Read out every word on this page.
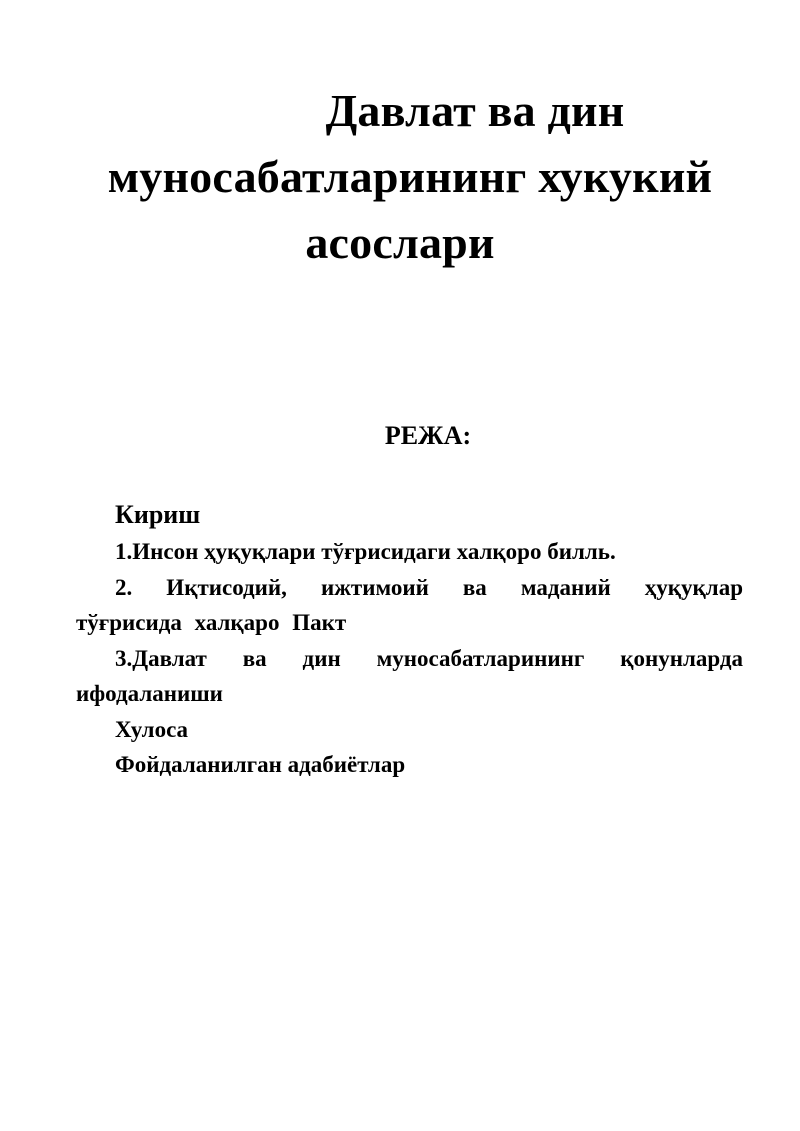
Давлат ва дин
муносабатларининг хукукий
асослари
РЕЖА:
Кириш
1.Инсон ҳуқуқлари тўғрисидаги халқоро билль.
2. Иқтисодий, ижтимоий ва маданий ҳуқуқлар тўғрисида халқаро Пакт
3.Давлат ва дин муносабатларининг қонунларда ифодаланиши
Хулоса
Фойдаланилган адабиётлар
